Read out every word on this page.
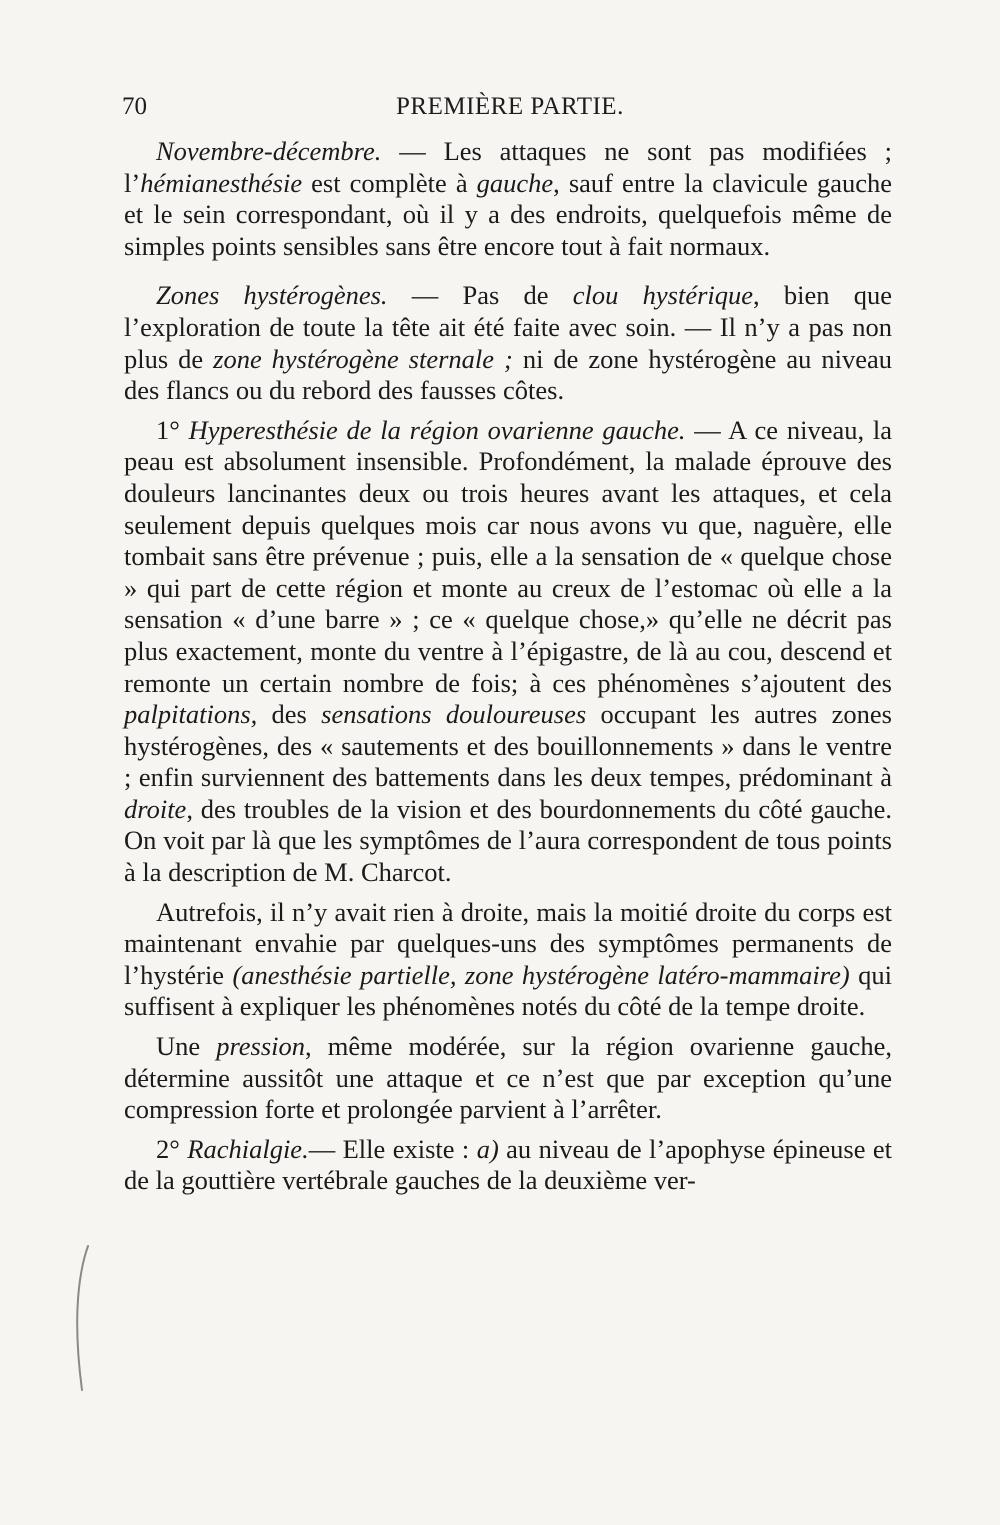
70	PREMIÈRE PARTIE.

Novembre-décembre. — Les attaques ne sont pas modifiées ; l’hémianesthésie est complète à gauche, sauf entre la clavicule gauche et le sein correspondant, où il y a des endroits, quelquefois même de simples points sensibles sans être encore tout à fait normaux.

Zones hystérogènes. — Pas de clou hystérique, bien que l’exploration de toute la tête ait été faite avec soin. — Il n’y a pas non plus de zone hystérogène sternale ; ni de zone hystérogène au niveau des flancs ou du rebord des fausses côtes.

1° Hyperesthésie de la région ovarienne gauche. — A ce niveau, la peau est absolument insensible. Profondément, la malade éprouve des douleurs lancinantes deux ou trois heures avant les attaques, et cela seulement depuis quelques mois car nous avons vu que, naguère, elle tombait sans être prévenue ; puis, elle a la sensation de « quelque chose » qui part de cette région et monte au creux de l’estomac où elle a la sensation « d’une barre » ; ce « quelque chose,» qu’elle ne décrit pas plus exactement, monte du ventre à l’épigastre, de là au cou, descend et remonte un certain nombre de fois; à ces phénomènes s’ajoutent des palpitations, des sensations douloureuses occupant les autres zones hystérogènes, des « sautements et des bouillonnements » dans le ventre ; enfin surviennent des battements dans les deux tempes, prédominant à droite, des troubles de la vision et des bourdonnements du côté gauche. On voit par là que les symptômes de l’aura correspondent de tous points à la description de M. Charcot.

Autrefois, il n’y avait rien à droite, mais la moitié droite du corps est maintenant envahie par quelques-uns des symptômes permanents de l’hystérie (anesthésie partielle, zone hystérogène latéro-mammaire) qui suffisent à expliquer les phénomènes notés du côté de la tempe droite.

Une pression, même modérée, sur la région ovarienne gauche, détermine aussitôt une attaque et ce n’est que par exception qu’une compression forte et prolongée parvient à l’arrêter.

2° Rachialgie.— Elle existe : a) au niveau de l’apophyse épineuse et de la gouttière vertébrale gauches de la deuxième ver-
